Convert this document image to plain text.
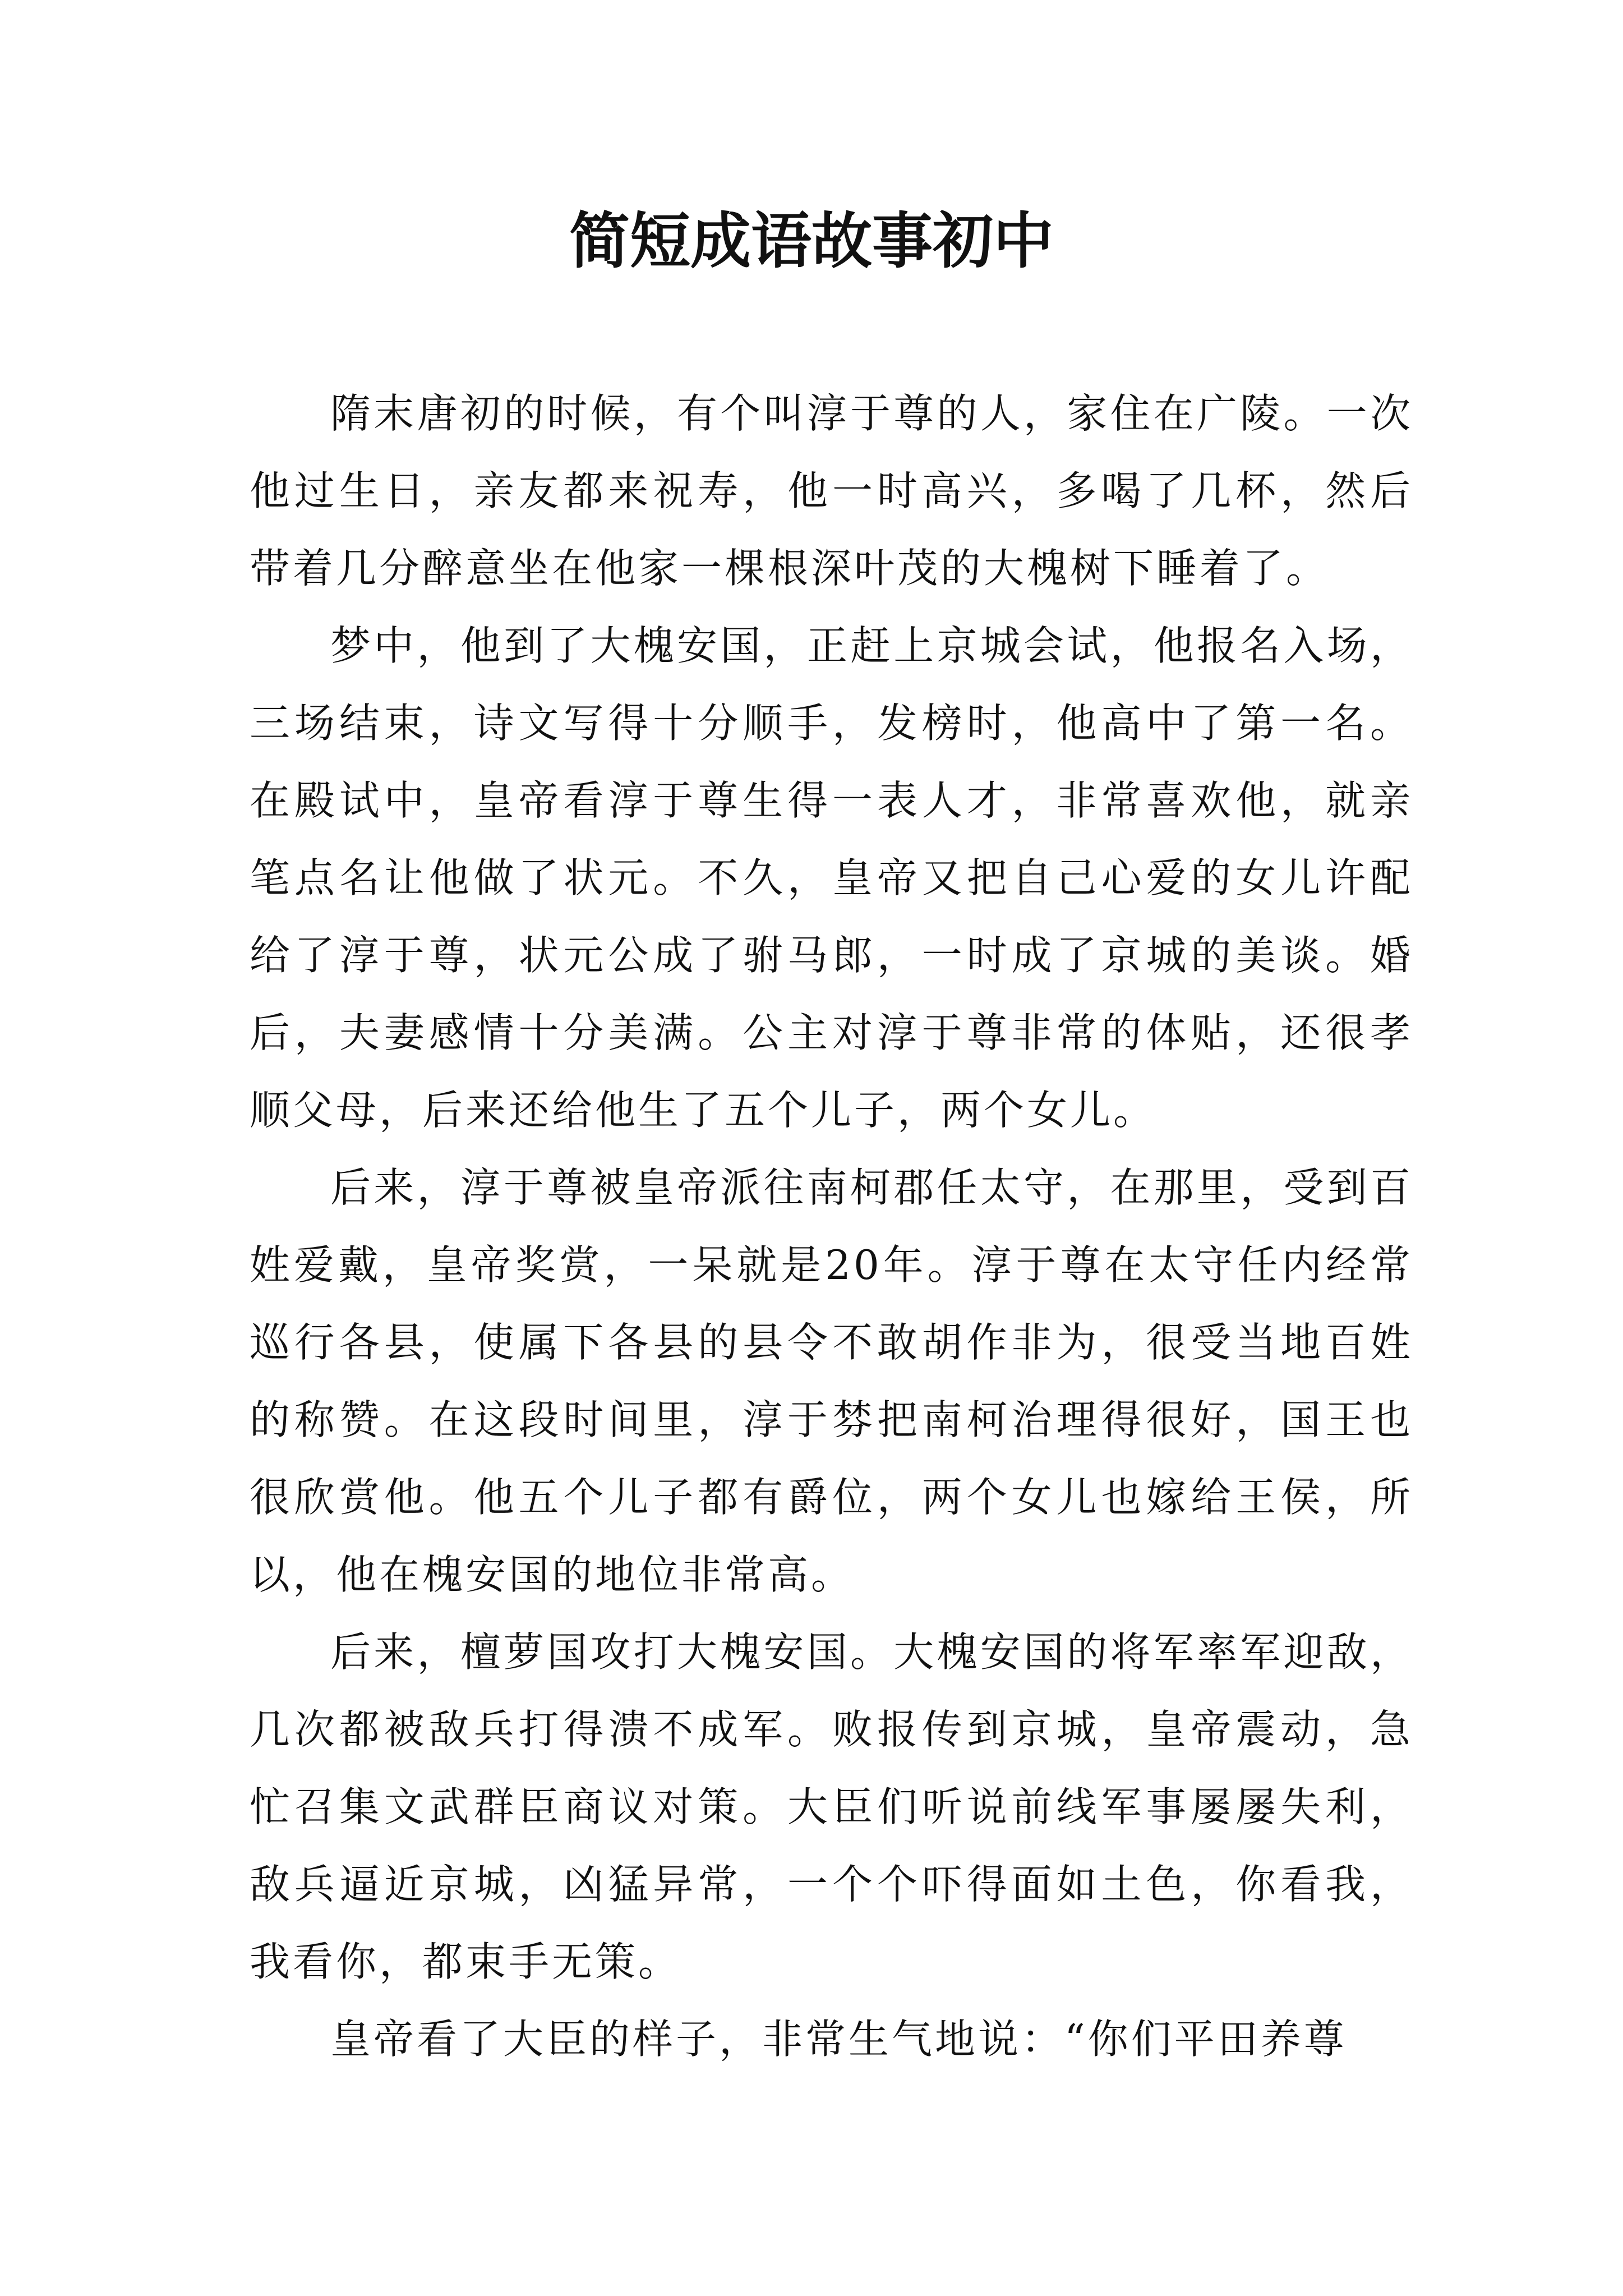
简短成语故事初中

隋末唐初的时候，有个叫淳于尊的人，家住在广陵。一次他过生日，亲友都来祝寿，他一时高兴，多喝了几杯，然后带着几分醉意坐在他家一棵根深叶茂的大槐树下睡着了。

梦中，他到了大槐安国，正赶上京城会试，他报名入场，三场结束，诗文写得十分顺手，发榜时，他高中了第一名。在殿试中，皇帝看淳于尊生得一表人才，非常喜欢他，就亲笔点名让他做了状元。不久，皇帝又把自己心爱的女儿许配给了淳于尊，状元公成了驸马郎，一时成了京城的美谈。婚后，夫妻感情十分美满。公主对淳于尊非常的体贴，还很孝顺父母，后来还给他生了五个儿子，两个女儿。

后来，淳于尊被皇帝派往南柯郡任太守，在那里，受到百姓爱戴，皇帝奖赏，一呆就是20年。淳于尊在太守任内经常巡行各县，使属下各县的县令不敢胡作非为，很受当地百姓的称赞。在这段时间里，淳于棼把南柯治理得很好，国王也很欣赏他。他五个儿子都有爵位，两个女儿也嫁给王侯，所以，他在槐安国的地位非常高。

后来，檀萝国攻打大槐安国。大槐安国的将军率军迎敌，几次都被敌兵打得溃不成军。败报传到京城，皇帝震动，急忙召集文武群臣商议对策。大臣们听说前线军事屡屡失利，敌兵逼近京城，凶猛异常，一个个吓得面如土色，你看我，我看你，都束手无策。

皇帝看了大臣的样子，非常生气地说：“你们平田养尊
